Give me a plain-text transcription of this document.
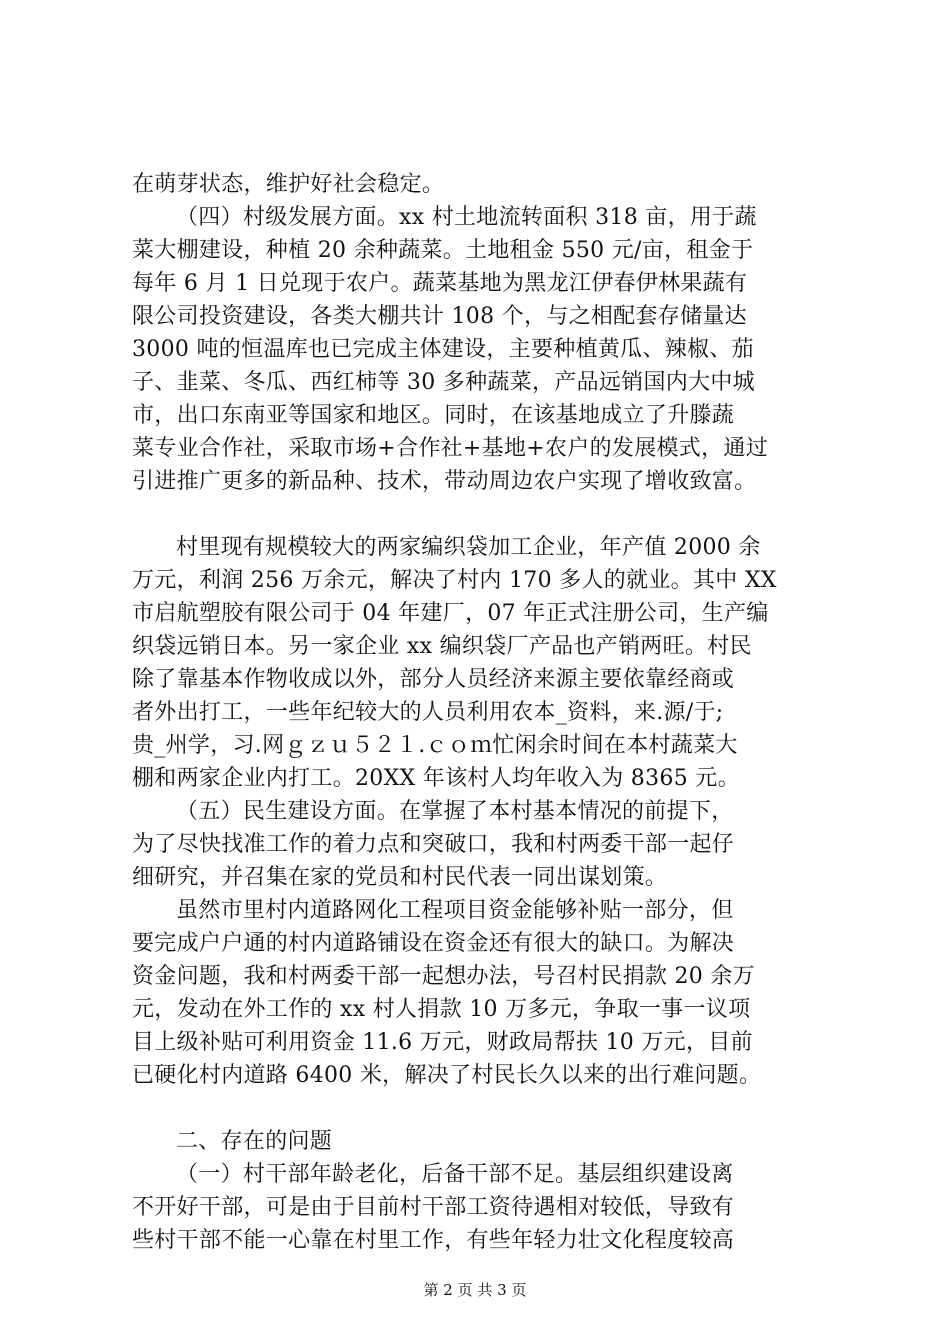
在萌芽状态，维护好社会稳定。
（四）村级发展方面。xx 村土地流转面积 318 亩，用于蔬
菜大棚建设，种植 20 余种蔬菜。土地租金 550 元/亩，租金于
每年 6 月 1 日兑现于农户。蔬菜基地为黑龙江伊春伊林果蔬有
限公司投资建设，各类大棚共计 108 个，与之相配套存储量达
3000 吨的恒温库也已完成主体建设，主要种植黄瓜、辣椒、茄
子、韭菜、冬瓜、西红柿等 30 多种蔬菜，产品远销国内大中城
市，出口东南亚等国家和地区。同时，在该基地成立了升滕蔬
菜专业合作社，采取市场+合作社+基地+农户的发展模式，通过
引进推广更多的新品种、技术，带动周边农户实现了增收致富。
村里现有规模较大的两家编织袋加工企业，年产值 2000 余
万元，利润 256 万余元，解决了村内 170 多人的就业。其中 XX
市启航塑胶有限公司于 04 年建厂，07 年正式注册公司，生产编
织袋远销日本。另一家企业 xx 编织袋厂产品也产销两旺。村民
除了靠基本作物收成以外，部分人员经济来源主要依靠经商或
者外出打工，一些年纪较大的人员利用农本_资料，来.源/于;
贵_州学，习.网ｇｚｕ５２１.ｃｏｍ忙闲余时间在本村蔬菜大
棚和两家企业内打工。20XX 年该村人均年收入为 8365 元。
（五）民生建设方面。在掌握了本村基本情况的前提下，
为了尽快找准工作的着力点和突破口，我和村两委干部一起仔
细研究，并召集在家的党员和村民代表一同出谋划策。
虽然市里村内道路网化工程项目资金能够补贴一部分，但
要完成户户通的村内道路铺设在资金还有很大的缺口。为解决
资金问题，我和村两委干部一起想办法，号召村民捐款 20 余万
元，发动在外工作的 xx 村人捐款 10 万多元，争取一事一议项
目上级补贴可利用资金 11.6 万元，财政局帮扶 10 万元，目前
已硬化村内道路 6400 米，解决了村民长久以来的出行难问题。
二、存在的问题
（一）村干部年龄老化，后备干部不足。基层组织建设离
不开好干部，可是由于目前村干部工资待遇相对较低，导致有
些村干部不能一心靠在村里工作，有些年轻力壮文化程度较高
第 2 页 共 3 页
